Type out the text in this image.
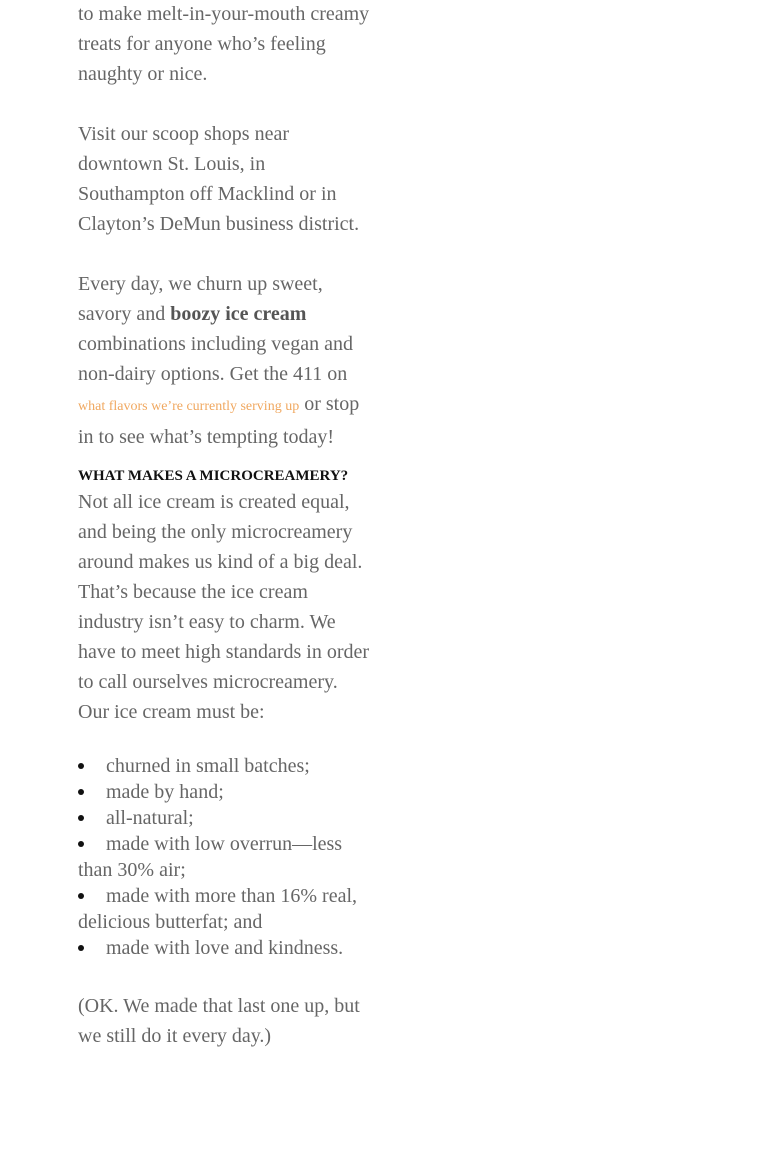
to make melt-in-your-mouth creamy treats for anyone who’s feeling naughty or nice.

Visit our scoop shops near downtown St. Louis, in Southampton off Macklind or in Clayton’s DeMun business district.

Every day, we churn up sweet, savory and boozy ice cream combinations including vegan and non-dairy options. Get the 411 on what flavors we’re currently serving up or stop in to see what’s tempting today!

WHAT MAKES A MICROCREAMERY?

Not all ice cream is created equal, and being the only microcreamery around makes us kind of a big deal. That’s because the ice cream industry isn’t easy to charm. We have to meet high standards in order to call ourselves microcreamery. Our ice cream must be:

churned in small batches;
made by hand;
all-natural;
made with low overrun—less than 30% air;
made with more than 16% real, delicious butterfat; and
made with love and kindness.

(OK. We made that last one up, but we still do it every day.)
